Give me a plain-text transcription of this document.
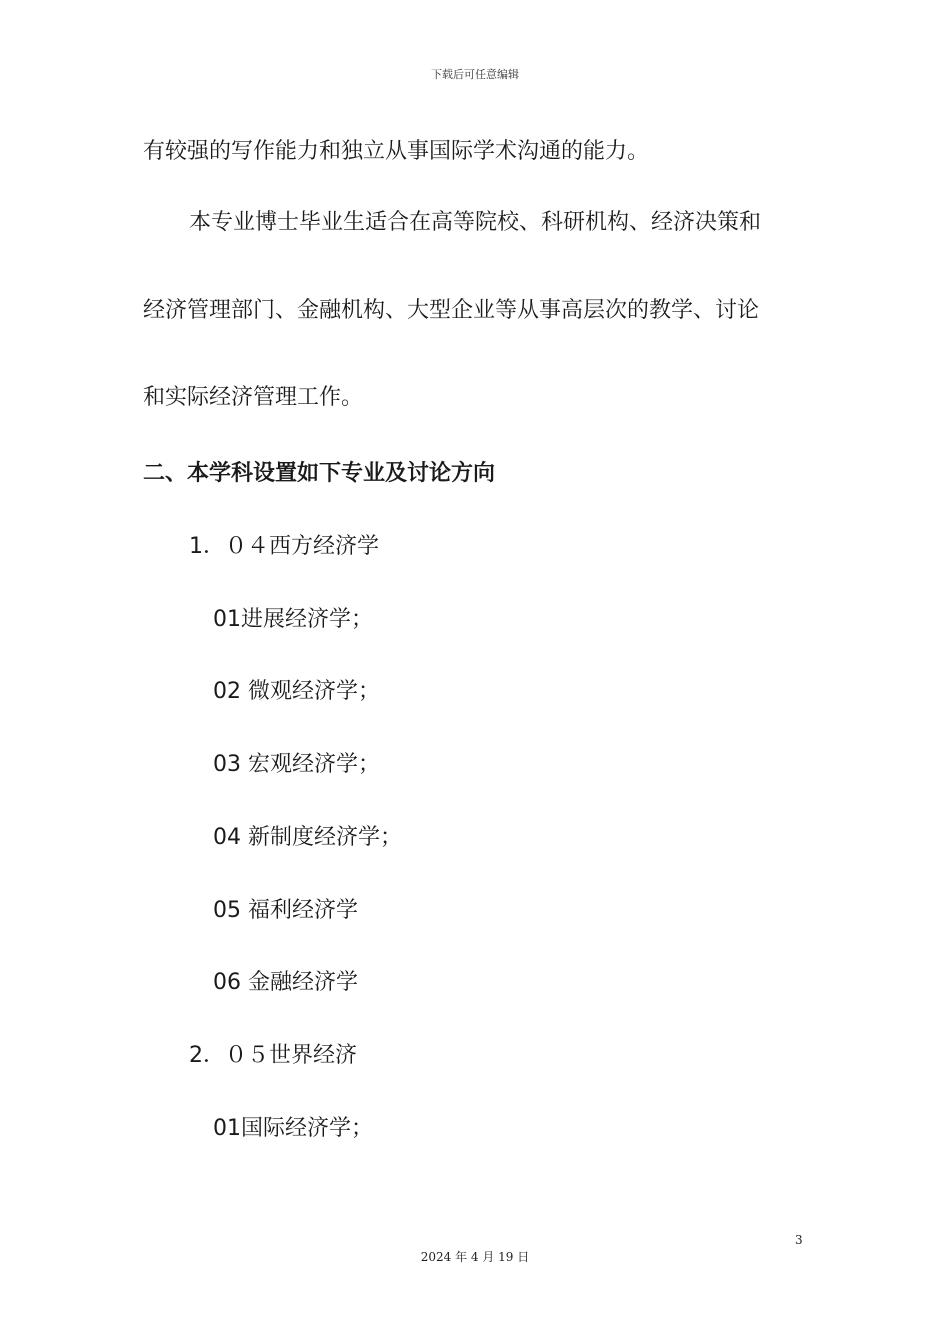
下载后可任意编辑
有较强的写作能力和独立从事国际学术沟通的能力。
本专业博士毕业生适合在高等院校、科研机构、经济决策和
经济管理部门、金融机构、大型企业等从事高层次的教学、讨论
和实际经济管理工作。
二、本学科设置如下专业及讨论方向
1．０４西方经济学
01进展经济学；
02 微观经济学；
03 宏观经济学；
04 新制度经济学；
05 福利经济学
06 金融经济学
2．０５世界经济
01国际经济学；
3
2024 年 4 月 19 日
